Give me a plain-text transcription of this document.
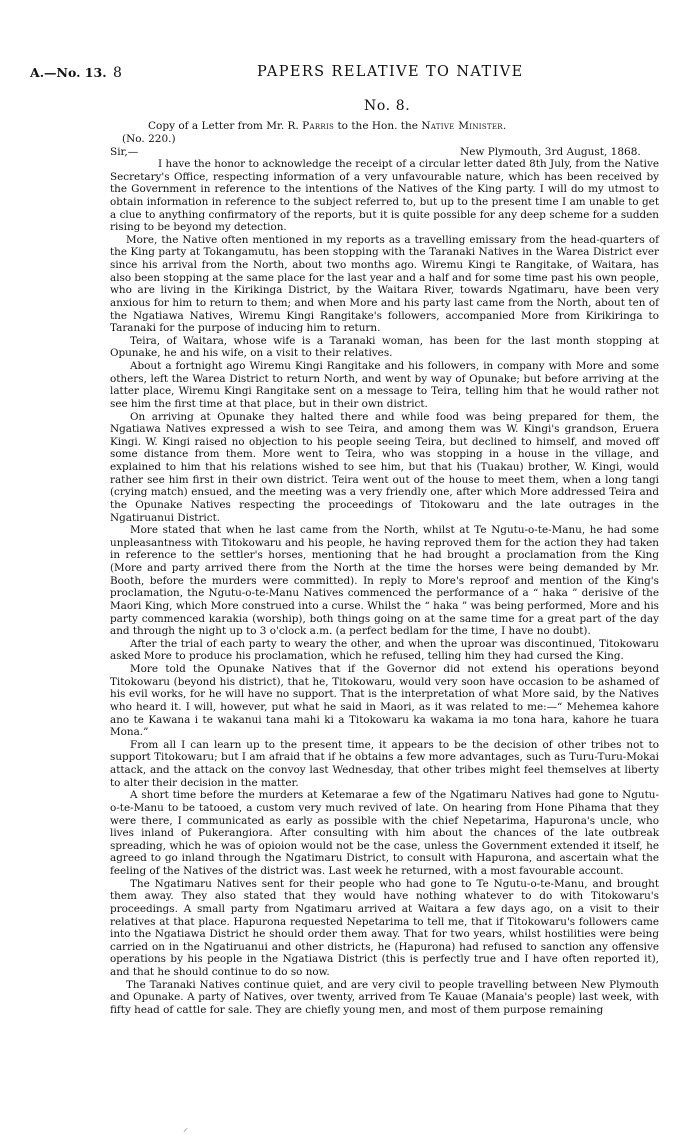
A.—No. 13. 8	PAPERS RELATIVE TO NATIVE
No. 8.
Copy of a Letter from Mr. R. Parris to the Hon. the Native Minister.
(No. 220.)
Sir,—	New Plymouth, 3rd August, 1868.

I have the honor to acknowledge the receipt of a circular letter dated 8th July, from the Native Secretary's Office, respecting information of a very unfavourable nature, which has been received by the Government in reference to the intentions of the Natives of the King party. I will do my utmost to obtain information in reference to the subject referred to, but up to the present time I am unable to get a clue to anything confirmatory of the reports, but it is quite possible for any deep scheme for a sudden rising to be beyond my detection.

More, the Native often mentioned in my reports as a travelling emissary from the head-quarters of the King party at Tokangamutu, has been stopping with the Taranaki Natives in the Warea District ever since his arrival from the North, about two months ago. Wiremu Kingi te Rangitake, of Waitara, has also been stopping at the same place for the last year and a half and for some time past his own people, who are living in the Kirikinga District, by the Waitara River, towards Ngatimaru, have been very anxious for him to return to them; and when More and his party last came from the North, about ten of the Ngatiawa Natives, Wiremu Kingi Rangitake's followers, accompanied More from Kirikiringa to Taranaki for the purpose of inducing him to return.

Teira, of Waitara, whose wife is a Taranaki woman, has been for the last month stopping at Opunake, he and his wife, on a visit to their relatives.

About a fortnight ago Wiremu Kingi Rangitake and his followers, in company with More and some others, left the Warea District to return North, and went by way of Opunake; but before arriving at the latter place, Wiremu Kingi Rangitake sent on a message to Teira, telling him that he would rather not see him the first time at that place, but in their own district.

On arriving at Opunake they halted there and while food was being prepared for them, the Ngatiawa Natives expressed a wish to see Teira, and among them was W. Kingi's grandson, Eruera Kingi. W. Kingi raised no objection to his people seeing Teira, but declined to himself, and moved off some distance from them. More went to Teira, who was stopping in a house in the village, and explained to him that his relations wished to see him, but that his (Tuakau) brother, W. Kingi, would rather see him first in their own district. Teira went out of the house to meet them, when a long tangi (crying match) ensued, and the meeting was a very friendly one, after which More addressed Teira and the Opunake Natives respecting the proceedings of Titokowaru and the late outrages in the Ngatiruanui District.

More stated that when he last came from the North, whilst at Te Ngutu-o-te-Manu, he had some unpleasantness with Titokowaru and his people, he having reproved them for the action they had taken in reference to the settler's horses, mentioning that he had brought a proclamation from the King (More and party arrived there from the North at the time the horses were being demanded by Mr. Booth, before the murders were committed). In reply to More's reproof and mention of the King's proclamation, the Ngutu-o-te-Manu Natives commenced the performance of a “ haka ” derisive of the Maori King, which More construed into a curse. Whilst the “ haka ” was being performed, More and his party commenced karakia (worship), both things going on at the same time for a great part of the day and through the night up to 3 o'clock a.m. (a perfect bedlam for the time, I have no doubt).

After the trial of each party to weary the other, and when the uproar was discontinued, Titokowaru asked More to produce his proclamation, which he refused, telling him they had cursed the King.

More told the Opunake Natives that if the Governor did not extend his operations beyond Titokowaru (beyond his district), that he, Titokowaru, would very soon have occasion to be ashamed of his evil works, for he will have no support. That is the interpretation of what More said, by the Natives who heard it. I will, however, put what he said in Maori, as it was related to me:—“ Mehemea kahore ano te Kawana i te wakanui tana mahi ki a Titokowaru ka wakama ia mo tona hara, kahore he tuara Mona.”

From all I can learn up to the present time, it appears to be the decision of other tribes not to support Titokowaru; but I am afraid that if he obtains a few more advantages, such as Turu-Turu-Mokai attack, and the attack on the convoy last Wednesday, that other tribes might feel themselves at liberty to alter their decision in the matter.

A short time before the murders at Ketemarae a few of the Ngatimaru Natives had gone to Ngutu-o-te-Manu to be tatooed, a custom very much revived of late. On hearing from Hone Pihama that they were there, I communicated as early as possible with the chief Nepetarima, Hapurona's uncle, who lives inland of Pukerangiora. After consulting with him about the chances of the late outbreak spreading, which he was of opioion would not be the case, unless the Government extended it itself, he agreed to go inland through the Ngatimaru District, to consult with Hapurona, and ascertain what the feeling of the Natives of the district was. Last week he returned, with a most favourable account.

The Ngatimaru Natives sent for their people who had gone to Te Ngutu-o-te-Manu, and brought them away. They also stated that they would have nothing whatever to do with Titokowaru's proceedings. A small party from Ngatimaru arrived at Waitara a few days ago, on a visit to their relatives at that place. Hapurona requested Nepetarima to tell me, that if Titokowaru's followers came into the Ngatiawa District he should order them away. That for two years, whilst hostilities were being carried on in the Ngatiruanui and other districts, he (Hapurona) had refused to sanction any offensive operations by his people in the Ngatiawa District (this is perfectly true and I have often reported it), and that he should continue to do so now.

The Taranaki Natives continue quiet, and are very civil to people travelling between New Plymouth and Opunake. A party of Natives, over twenty, arrived from Te Kauae (Manaia's people) last week, with fifty head of cattle for sale. They are chiefly young men, and most of them purpose remaining

⸝
